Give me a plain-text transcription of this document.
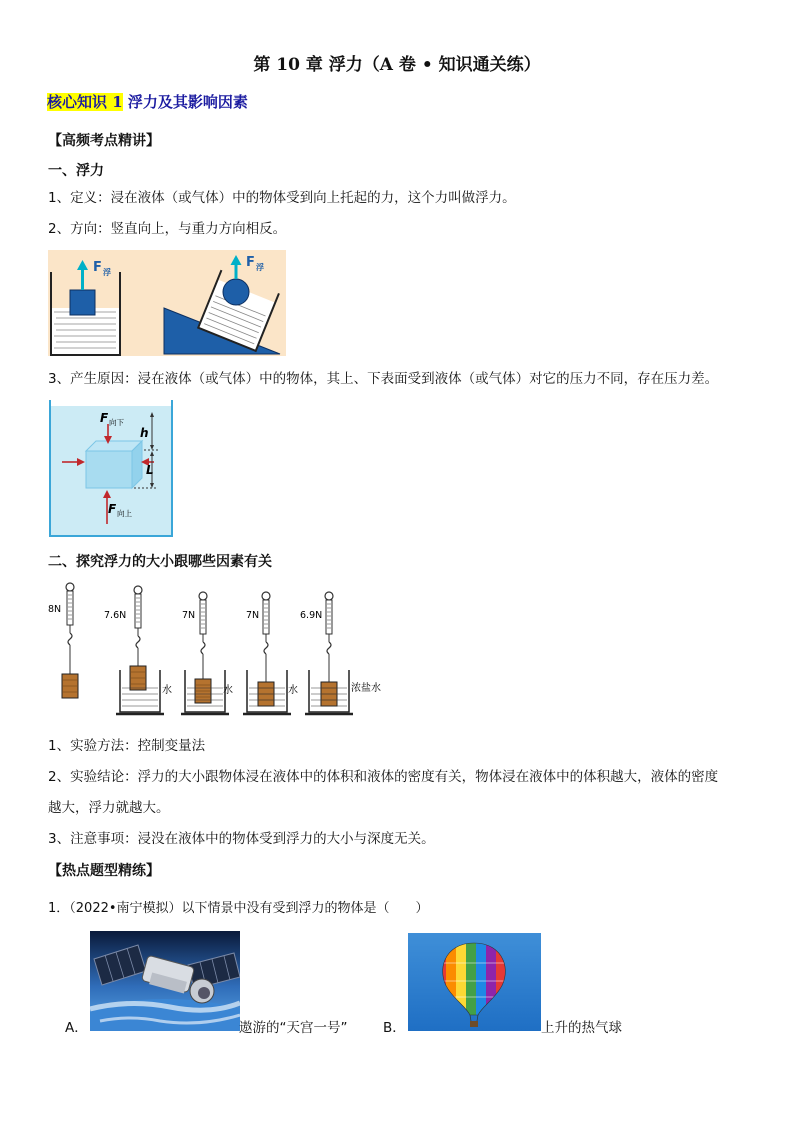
第 10 章 浮力（A 卷 • 知识通关练）
核心知识 1 浮力及其影响因素
【高频考点精讲】
一、浮力
1、定义：浸在液体（或气体）中的物体受到向上托起的力，这个力叫做浮力。
2、方向：竖直向上，与重力方向相反。
F 浮
F 浮
3、产生原因：浸在液体（或气体）中的物体，其上、下表面受到液体（或气体）对它的压力不同，存在压力差。
F 向下
F 向上
h
L
二、探究浮力的大小跟哪些因素有关
8N
7.6N
水
7N
水
7N
水
6.9N
浓盐水
1、实验方法：控制变量法
2、实验结论：浮力的大小跟物体浸在液体中的体积和液体的密度有关，物体浸在液体中的体积越大，液体的密度
越大，浮力就越大。
3、注意事项：浸没在液体中的物体受到浮力的大小与深度无关。
【热点题型精练】
1．（2022•南宁模拟）以下情景中没有受到浮力的物体是（　　）
A．	遨游的“天宫一号”	B．	上升的热气球
